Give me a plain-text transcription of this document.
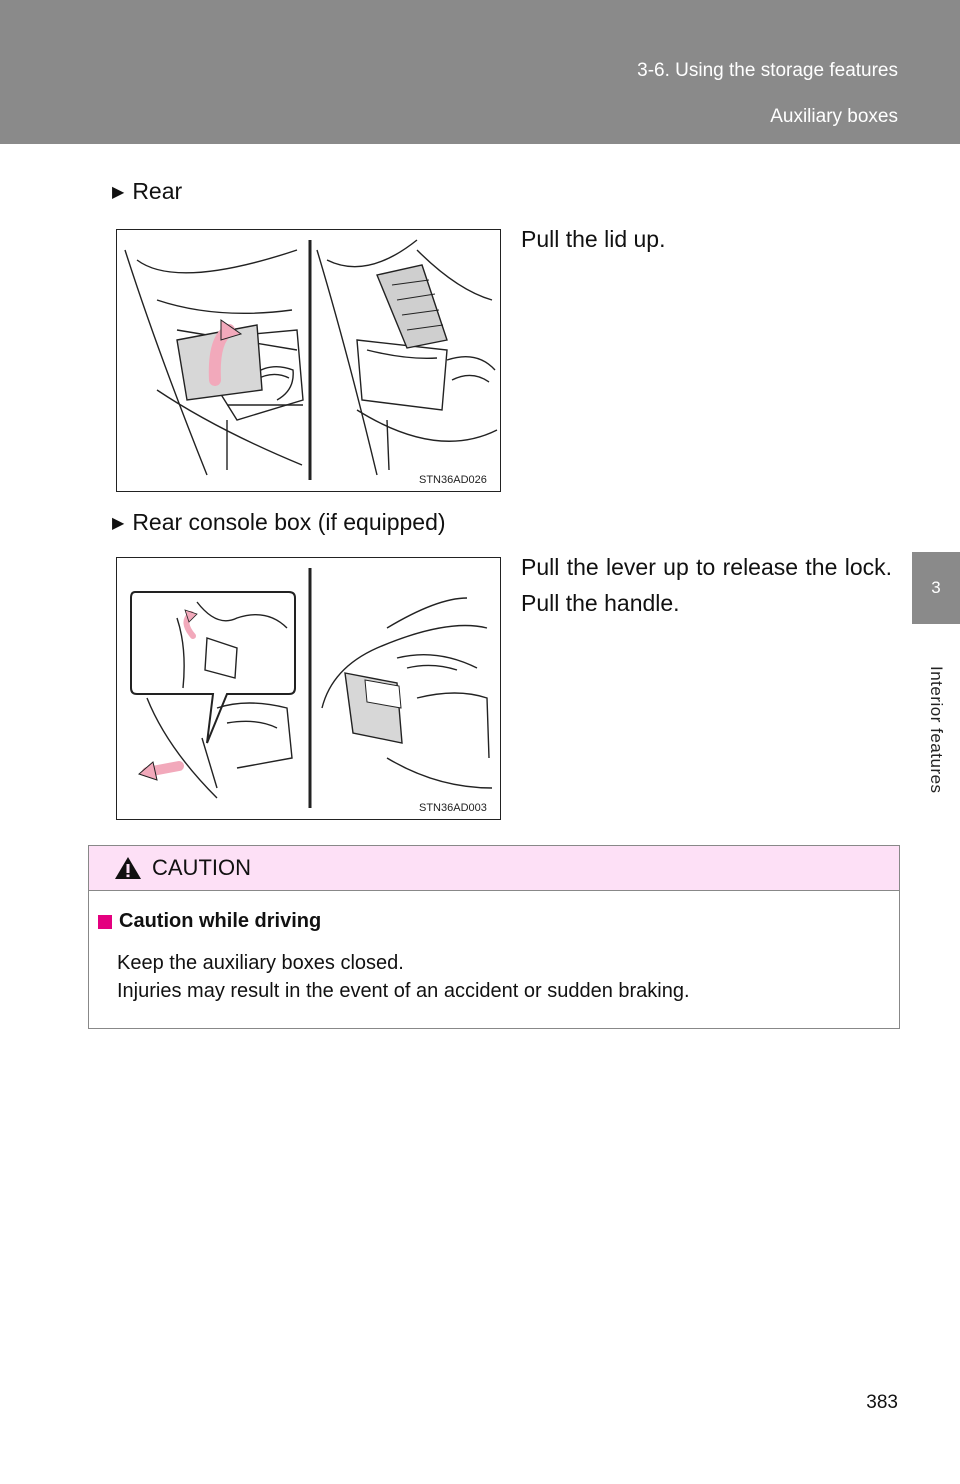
3-6. Using the storage features
Auxiliary boxes
3
Interior features
▶ Rear
STN36AD026
Pull the lid up.
▶ Rear console box (if equipped)
STN36AD003
Pull the lever up to release the lock. Pull the handle.
CAUTION
Caution while driving
Keep the auxiliary boxes closed.
Injuries may result in the event of an accident or sudden braking.
383
